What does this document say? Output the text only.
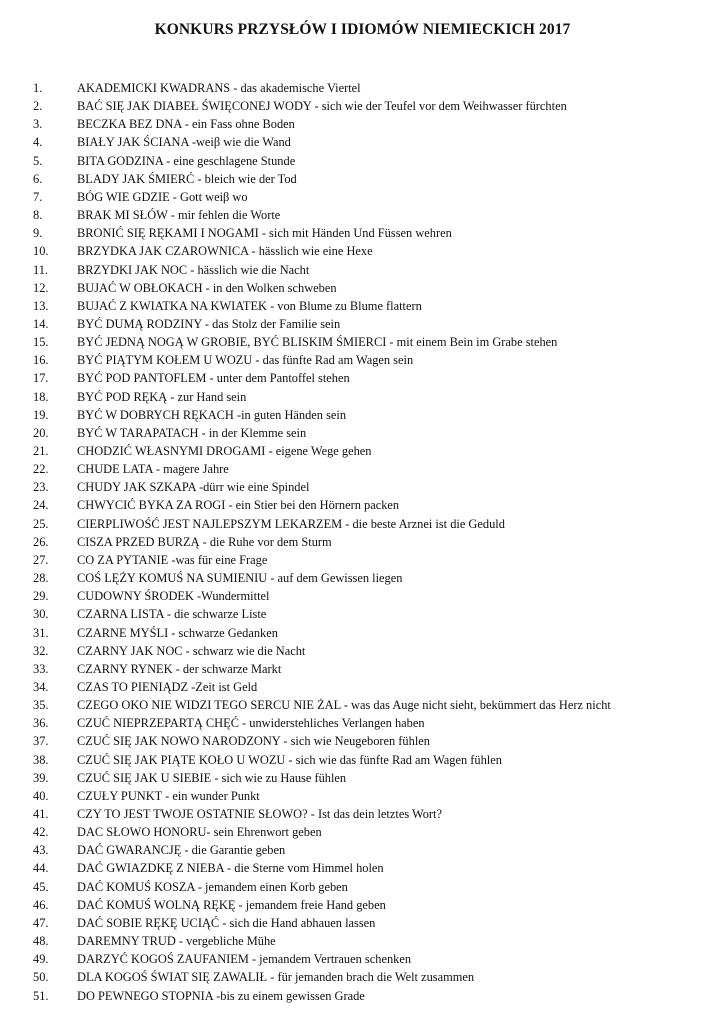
KONKURS PRZYSŁÓW I IDIOMÓW NIEMIECKICH 2017
1.	AKADEMICKI KWADRANS - das akademische Viertel
2.	BAĆ SIĘ JAK DIABEŁ ŚWIĘCONEJ WODY - sich wie der Teufel vor dem Weihwasser fürchten
3.	BECZKA BEZ DNA - ein Fass ohne Boden
4.	BIAŁY JAK ŚCIANA -weiβ wie die Wand
5.	BITA GODZINA - eine geschlagene Stunde
6.	BLADY JAK ŚMIERĆ - bleich wie der Tod
7.	BÓG WIE GDZIE - Gott weiβ wo
8.	BRAK MI SŁÓW - mir fehlen die Worte
9.	BRONIĆ SIĘ RĘKAMI I NOGAMI - sich mit Händen Und Füssen wehren
10. BRZYDKA JAK CZAROWNICA - hässlich wie eine Hexe
11. BRZYDKI JAK NOC - hässlich wie die Nacht
12. BUJAĆ W OBŁOKACH - in den Wolken schweben
13. BUJAĆ Z KWIATKA NA KWIATEK - von Blume zu Blume flattern
14. BYĆ DUMĄ RODZINY - das Stolz der Familie sein
15. BYĆ JEDNĄ NOGĄ W GROBIE, BYĆ BLISKIM ŚMIERCI - mit einem Bein im Grabe stehen
16. BYĆ PIĄTYM KOŁEM U WOZU - das fünfte Rad am Wagen sein
17. BYĆ POD PANTOFLEM - unter dem Pantoffel stehen
18. BYĆ POD RĘKĄ - zur Hand sein
19. BYĆ W DOBRYCH RĘKACH -in guten Händen sein
20. BYĆ W TARAPATACH - in der Klemme sein
21. CHODZIĆ WŁASNYMI DROGAMI - eigene Wege gehen
22. CHUDE LATA - magere Jahre
23. CHUDY JAK SZKAPA -dürr wie eine Spindel
24. CHWYCIĆ BYKA ZA ROGI - ein Stier bei den Hörnern packen
25. CIERPLIWOŚĆ JEST NAJLEPSZYM LEKARZEM - die beste Arznei ist die Geduld
26. CISZA PRZED BURZĄ - die Ruhe vor dem Sturm
27. CO ZA PYTANIE -was für eine Frage
28. COŚ LĘŻY KOMUŚ NA SUMIENIU - auf dem Gewissen liegen
29. CUDOWNY ŚRODEK -Wundermittel
30. CZARNA LISTA - die schwarze Liste
31. CZARNE MYŚLI - schwarze Gedanken
32. CZARNY JAK NOC - schwarz wie die Nacht
33. CZARNY RYNEK - der schwarze Markt
34. CZAS TO PIENIĄDZ -Zeit ist Geld
35. CZEGO OKO NIE WIDZI TEGO SERCU NIE ŻAL - was das Auge nicht sieht, bekümmert das Herz nicht
36. CZUĆ NIEPRZEPARTĄ CHĘĆ - unwiderstehliches Verlangen haben
37. CZUĆ SIĘ JAK NOWO NARODZONY - sich wie Neugeboren fühlen
38. CZUĆ SIĘ JAK PIĄTE KOŁO U WOZU - sich wie das fünfte Rad am Wagen fühlen
39. CZUĆ SIĘ JAK U SIEBIE - sich wie zu Hause fühlen
40. CZUŁY PUNKT - ein wunder Punkt
41. CZY TO JEST TWOJE OSTATNIE SŁOWO? - Ist das dein letztes Wort?
42. DAC SŁOWO HONORU- sein Ehrenwort geben
43. DAĆ GWARANCJĘ - die Garantie geben
44. DAĆ GWIAZDKĘ Z NIEBA - die Sterne vom Himmel holen
45. DAĆ KOMUŚ KOSZA - jemandem einen Korb geben
46. DAĆ KOMUŚ WOLNĄ RĘKĘ - jemandem freie Hand geben
47. DAĆ SOBIE RĘKĘ UCIĄĆ - sich die Hand abhauen lassen
48. DAREMNY TRUD - vergebliche Mühe
49. DARZYĆ KOGOŚ ZAUFANIEM - jemandem Vertrauen schenken
50. DLA KOGOŚ ŚWIAT SIĘ ZAWALIŁ - für jemanden brach die Welt zusammen
51. DO PEWNEGO STOPNIA -bis zu einem gewissen Grade
